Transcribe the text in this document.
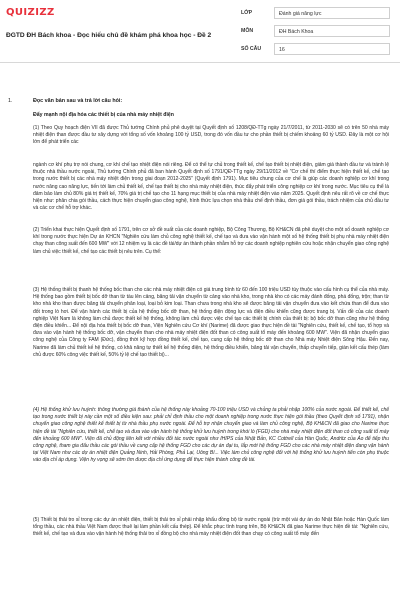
QUIZIZZ
ĐGTD ĐH Bách khoa - Đọc hiểu chủ đề khám phá khoa học - Đề 2
LỚP	Đánh giá năng lực
MÔN	ĐH Bách Khoa
SỐ CÂU	16
1.	Đọc văn bản sau và trả lời câu hỏi:
Đẩy mạnh nội địa hóa các thiết bị của nhà máy nhiệt điện

(1) Theo Quy hoạch điện VII đã được Thủ tướng Chính phủ phê duyệt tại Quyết định số 1208/QĐ-TTg ngày 21/7/2011, từ 2011-2030 sẽ có trên 50 nhà máy nhiệt điện than được đầu tư xây dựng với tổng số vốn khoảng 100 tỷ USD, trong đó vốn đầu tư cho phần thiết bị chiếm khoảng 60 tỷ USD. Đây là một cơ hội lớn để phát triển các

ngành cơ khí phụ trợ nói chung, cơ khí chế tạo nhiệt điện nói riêng. Để có thể tự chủ trong thiết kế, chế tạo thiết bị nhiệt điện, giảm giá thành đầu tư và tránh lệ thuộc nhà thầu nước ngoài, Thủ tướng Chính phủ đã ban hành Quyết định số 1791/QĐ-TTg ngày 29/11/2012 về "Cơ chế thí điểm thực hiện thiết kế, chế tạo trong nước thiết bị các nhà máy nhiệt điện trong giai đoạn 2012-2025" (Quyết định 1791). Mục tiêu chung của cơ chế là giúp các doanh nghiệp cơ khí trong nước nâng cao năng lực, tiến tới làm chủ thiết kế, chế tạo thiết bị cho nhà máy nhiệt điện, thúc đẩy phát triển công nghiệp cơ khí trong nước. Mục tiêu cụ thể là đảm bảo làm chủ 80% giá trị thiết kế, 70% giá trị chế tạo cho 11 hạng mục thiết bị của nhà máy nhiệt điện vào năm 2025. Quyết định nêu rất rõ về cơ chế thực hiện như: phân chia gói thầu, cách thực hiện chuyển giao công nghệ, hình thức lựa chọn nhà thầu chế định thầu, đơn giá gói thầu, trách nhiệm của chủ đầu tư và các cơ chế hỗ trợ khác.

(2) Triển khai thực hiện Quyết định số 1791, trên cơ sở đề xuất của các doanh nghiệp, Bộ Công Thương, Bộ KH&CN đã phê duyệt cho một số doanh nghiệp cơ khí trong nước thực hiện Dự án KHCN "Nghiên cứu làm chủ công nghệ thiết kế, chế tạo và đưa vào vận hành một số hệ thống thiết bị phụ nhà máy nhiệt điện chạy than công suất đến 600 MW" với 12 nhiệm vụ là các đề tài/dự án thành phần nhằm hỗ trợ các doanh nghiệp nghiên cứu hoặc nhận chuyển giao công nghệ làm chủ việc thiết kế, chế tạo các thiết bị nêu trên. Cụ thể:

(3) Hệ thống thiết bị thanh hệ thống bốc than cho các nhà máy nhiệt điện có giá trung bình từ 60 đến 100 triệu USD tùy thuộc vào cấu hình cụ thể của nhà máy. Hệ thống bao gồm thiết bị bốc dỡ than từ tàu lên cảng, băng tải vận chuyển từ cảng vào nhà kho, trong nhà kho có các máy đánh đống, phá đống, trộn; than từ kho nhà kho than được băng tải chuyển phân loại, loại bỏ kim loại. Than chưa trong nhà kho sẽ được băng tải vận chuyển đưa vào kết chứa than để đưa vào đốt trong lò hơi. Để vận hành các thiết bị của hệ thống bốc dỡ than, hệ thống điện động lực và điện điều khiển cũng được trang bị. Vấn đề của các doanh nghiệp Việt Nam là không làm chủ được thiết kế hệ thống, không làm chủ được việc chế tạo các thiết bị chính của thiết bị: bộ bốc dỡ than cũng như hệ thống điện điều khiển... Để nội địa hóa thiết bị bốc dỡ than, Viện Nghiên cứu Cơ khí (Narime) đã được giao thực hiện đề tài "Nghiên cứu, thiết kế, chế tạo, tổ hợp và đưa vào vận hành hệ thống bốc dỡ, vận chuyển than cho nhà máy nhiệt điện đốt than có công suất tổ máy đến khoảng 600 MW". Viện đã nhận chuyển giao công nghệ của Công ty FAM (Đức), đồng thời kỹ hợp đồng thiết kế, chế tạo, cung cấp hệ thống bốc dỡ than cho Nhà máy Nhiệt điện Sông Hậu. Đến nay, Narime đã làm chủ thiết kế hệ thống, có khả năng tự thiết kế hệ thống điện, hệ thống điều khiển, băng tải vận chuyển, thấp chuyển tiếp, giàn kết cấu thép (làm chủ được 60% công việc thiết kế, 50% tỷ lệ chế tạo thiết bị)...

(4) Hệ thống khử lưu huỳnh: thông thường giá thành của hệ thống này khoảng 70-100 triệu USD và chủng ta phải nhập 100% của nước ngoài. Để thiết kế, chế tạo trong nước thiết bị này cần một số điều kiện sau: phải chỉ định thầu cho một doanh nghiệp trong nước thực hiện gói thầu (theo Quyết định số 1791), nhận chuyển giao công nghệ thiết kế thiết bị từ nhà thầu phụ nước ngoài. Để hỗ trợ nhận chuyển giao và làm chủ công nghệ, Bộ KH&CN đã giao cho Narime thực hiện đề tài "Nghiên cứu, thiết kế, chế tạo và đưa vào vận hành hệ thống khử lưu huỳnh trong khói lò (FGD) cho nhà máy nhiệt điện đốt than có công suất tổ máy đến khoảng 600 MW". Viện đã chủ động liên kết với nhiều đối tác nước ngoài như IHIPS của Nhật Bản, KC Cottrell của Hàn Quốc, Andritz của Áo để tiếp thu công nghệ, tham gia đấu thầu các gói thầu về cung cấp hệ thống FGD cho các dự án đại tu, lắp mới hệ thống FGD cho các nhà máy nhiệt điện đang vận hành tại Việt Nam như các dự án nhiệt điện Quảng Ninh, Hải Phòng, Phả Lại, Uông Bí... Việc làm chủ công nghệ đối với hệ thống khử lưu huỳnh tiến còn phụ thuộc vào địa chỉ áp dụng. Viện hy vọng sẽ sớm tìm được địa chỉ ứng dụng để thực hiện thành công đề tài.

(5) Thiết bị thải tro sỉ trong các dự án nhiệt điện, thiết bị thải tro sỉ phải nhập khẩu đồng bộ từ nước ngoài (trừ một vài dự án do Nhật Bản hoặc Hàn Quốc làm tổng thầu, các nhà thầu Việt Nam được thuê lại làm phần kết cấu thép). Để khắc phục tình trạng trên, Bộ KH&CN đã giao Narime thực hiện đề tài: "Nghiên cứu, thiết kế, chế tạo và đưa vào vận hành hệ thống thải tro xỉ đồng bộ cho nhà máy nhiệt điện đốt than chạy có công suất tổ máy đến
